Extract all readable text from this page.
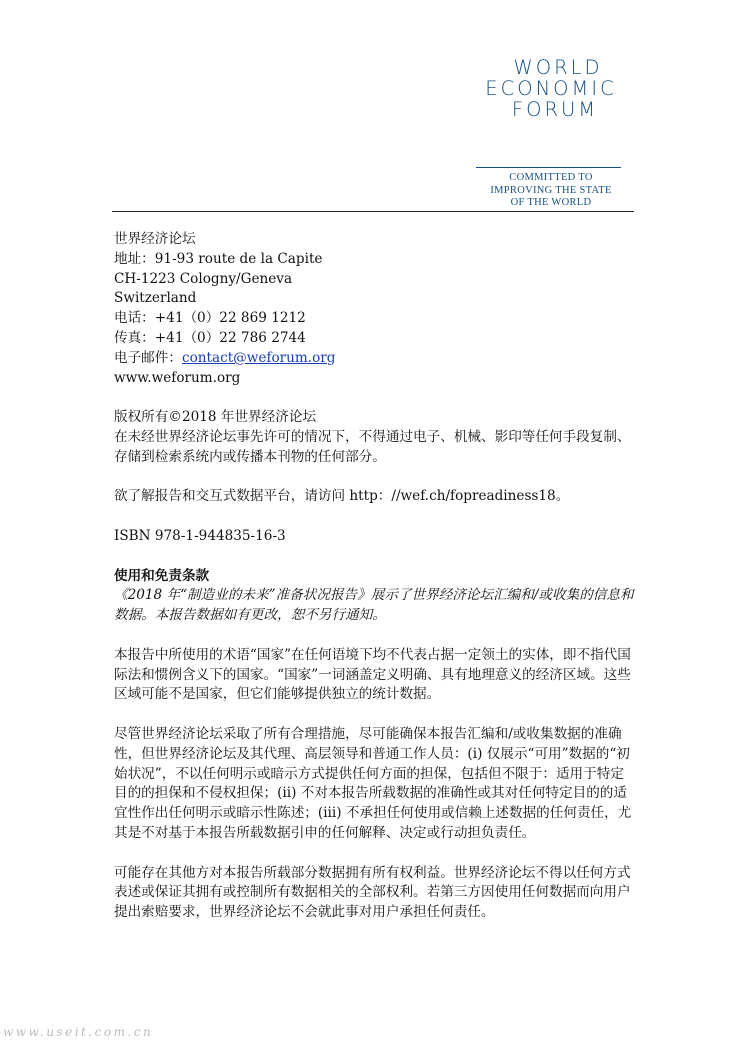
WORLD
ECONOMIC
FORUM
COMMITTED TO
IMPROVING THE STATE
OF THE WORLD

世界经济论坛

地址：91-93 route de la Capite

CH-1223 Cologny/Geneva

Switzerland

电话：+41（0）22 869 1212

传真：+41（0）22 786 2744

电子邮件：contact@weforum.org

www.weforum.org

版权所有©2018 年世界经济论坛

在未经世界经济论坛事先许可的情况下，不得通过电子、机械、影印等任何手段复制、存储到检索系统内或传播本刊物的任何部分。

欲了解报告和交互式数据平台，请访问 http：//wef.ch/fopreadiness18。

ISBN 978-1-944835-16-3

使用和免责条款

《2018 年“制造业的未来”准备状况报告》展示了世界经济论坛汇编和/或收集的信息和数据。本报告数据如有更改，恕不另行通知。

本报告中所使用的术语“国家”在任何语境下均不代表占据一定领土的实体，即不指代国际法和惯例含义下的国家。“国家”一词涵盖定义明确、具有地理意义的经济区域。这些区域可能不是国家，但它们能够提供独立的统计数据。

尽管世界经济论坛采取了所有合理措施，尽可能确保本报告汇编和/或收集数据的准确性，但世界经济论坛及其代理、高层领导和普通工作人员：(i) 仅展示“可用”数据的“初始状况”，不以任何明示或暗示方式提供任何方面的担保，包括但不限于：适用于特定目的的担保和不侵权担保；(ii) 不对本报告所载数据的准确性或其对任何特定目的的适宜性作出任何明示或暗示性陈述；(iii) 不承担任何使用或信赖上述数据的任何责任，尤其是不对基于本报告所载数据引申的任何解释、决定或行动担负责任。

可能存在其他方对本报告所载部分数据拥有所有权利益。世界经济论坛不得以任何方式表述或保证其拥有或控制所有数据相关的全部权利。若第三方因使用任何数据而向用户提出索赔要求，世界经济论坛不会就此事对用户承担任何责任。

www.useit.com.cn
